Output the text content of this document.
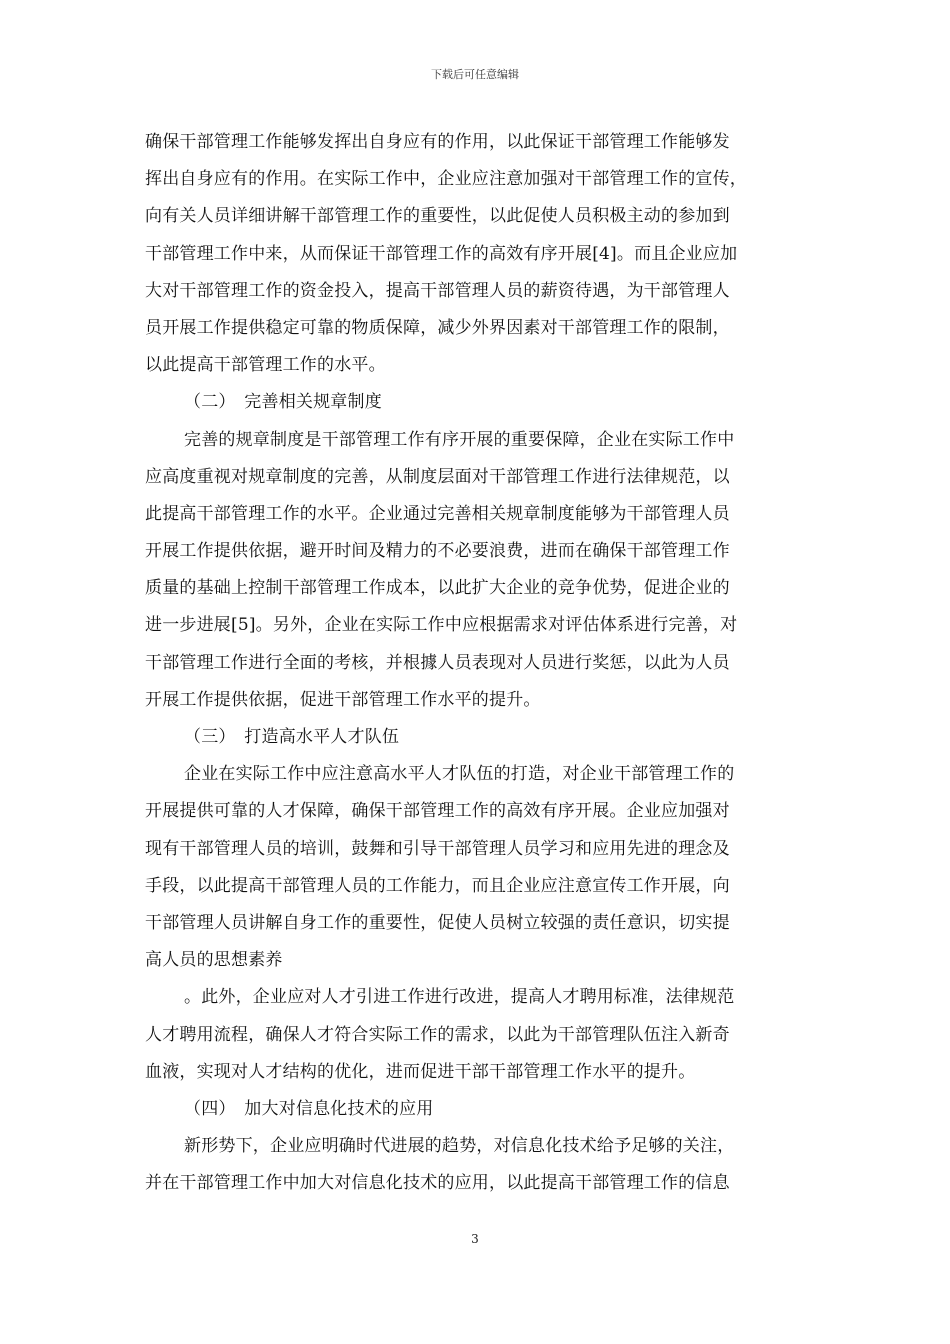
下载后可任意编辑
确保干部管理工作能够发挥出自身应有的作用，以此保证干部管理工作能够发
挥出自身应有的作用。在实际工作中，企业应注意加强对干部管理工作的宣传，
向有关人员详细讲解干部管理工作的重要性，以此促使人员积极主动的参加到
干部管理工作中来，从而保证干部管理工作的高效有序开展[4]。而且企业应加
大对干部管理工作的资金投入，提高干部管理人员的薪资待遇，为干部管理人
员开展工作提供稳定可靠的物质保障，减少外界因素对干部管理工作的限制，
以此提高干部管理工作的水平。
（二）　完善相关规章制度
完善的规章制度是干部管理工作有序开展的重要保障，企业在实际工作中
应高度重视对规章制度的完善，从制度层面对干部管理工作进行法律规范，以
此提高干部管理工作的水平。企业通过完善相关规章制度能够为干部管理人员
开展工作提供依据，避开时间及精力的不必要浪费，进而在确保干部管理工作
质量的基础上控制干部管理工作成本，以此扩大企业的竞争优势，促进企业的
进一步进展[5]。另外，企业在实际工作中应根据需求对评估体系进行完善，对
干部管理工作进行全面的考核，并根據人员表现对人员进行奖惩，以此为人员
开展工作提供依据，促进干部管理工作水平的提升。
（三）　打造高水平人才队伍
企业在实际工作中应注意高水平人才队伍的打造，对企业干部管理工作的
开展提供可靠的人才保障，确保干部管理工作的高效有序开展。企业应加强对
现有干部管理人员的培训，鼓舞和引导干部管理人员学习和应用先进的理念及
手段，以此提高干部管理人员的工作能力，而且企业应注意宣传工作开展，向
干部管理人员讲解自身工作的重要性，促使人员树立较强的责任意识，切实提
高人员的思想素养
。此外，企业应对人才引进工作进行改进，提高人才聘用标准，法律规范
人才聘用流程，确保人才符合实际工作的需求，以此为干部管理队伍注入新奇
血液，实现对人才结构的优化，进而促进干部干部管理工作水平的提升。
（四）　加大对信息化技术的应用
新形势下，企业应明确时代进展的趋势，对信息化技术给予足够的关注，
并在干部管理工作中加大对信息化技术的应用，以此提高干部管理工作的信息
3
